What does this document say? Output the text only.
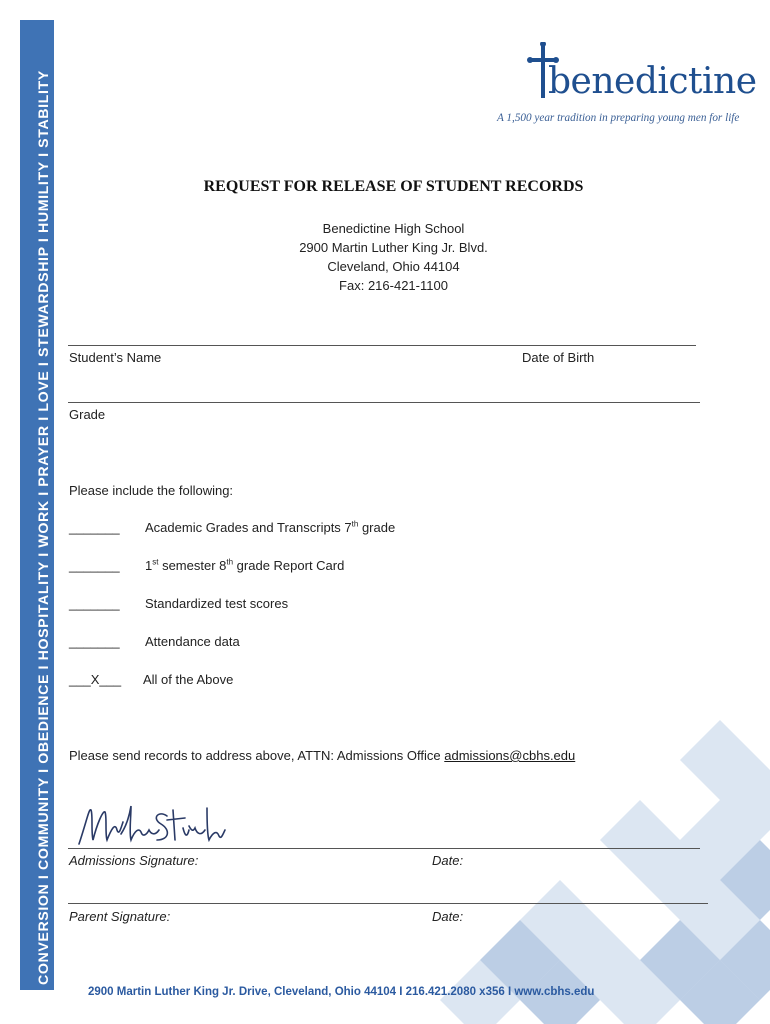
CONVERSION I COMMUNITY I OBEDIENCE I HOSPITALITY I WORK I PRAYER I LOVE I STEWARDSHIP I HUMILITY I STABILITY	benedictine
A 1,500 year tradition in preparing young men for life
REQUEST FOR RELEASE OF STUDENT RECORDS
Benedictine High School
2900 Martin Luther King Jr. Blvd.
Cleveland, Ohio 44104
Fax: 216-421-1100
Student’s Name	Date of Birth
Grade
Please include the following:
_______ Academic Grades and Transcripts 7th grade
_______ 1st semester 8th grade Report Card
_______ Standardized test scores
_______ Attendance data
___X___ All of the Above
Please send records to address above, ATTN: Admissions Office admissions@cbhs.edu
Admissions Signature:	Date:
Parent Signature:	Date:
2900 Martin Luther King Jr. Drive, Cleveland, Ohio 44104 I 216.421.2080 x356 I www.cbhs.edu
